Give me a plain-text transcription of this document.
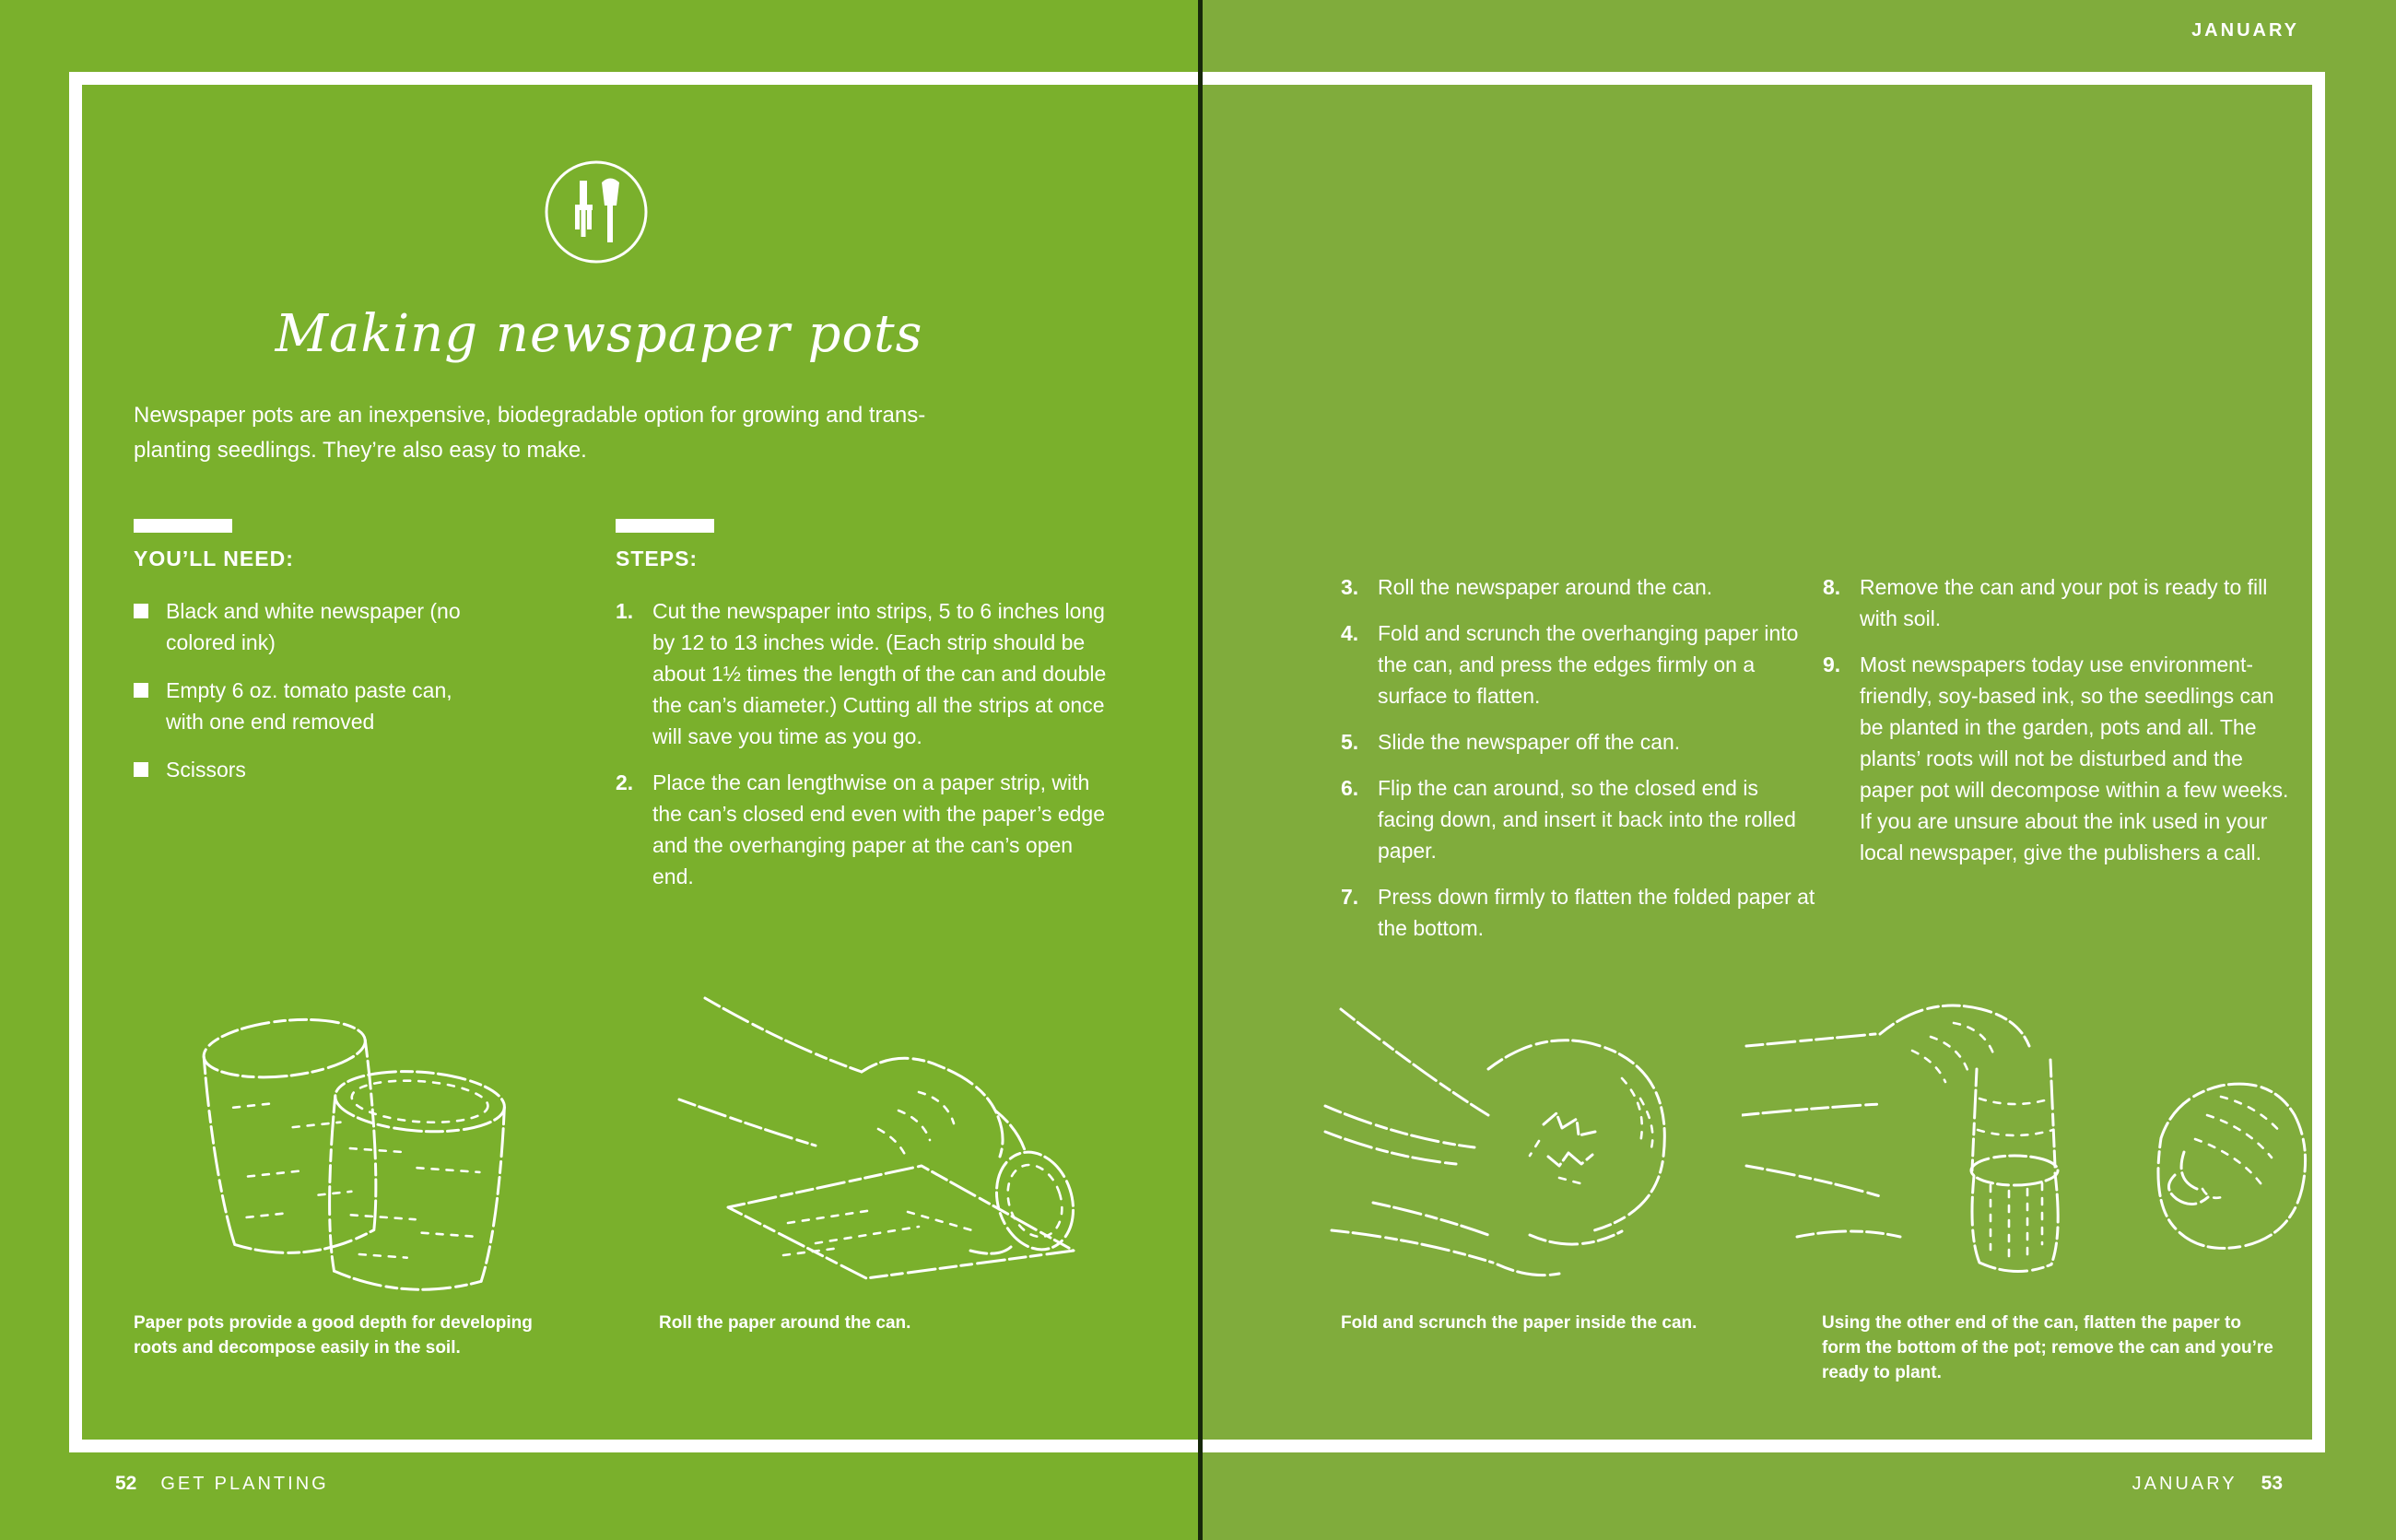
JANUARY
Making newspaper pots

Newspaper pots are an inexpensive, biodegradable option for growing and trans-
planting seedlings. They’re also easy to make.

YOU’LL NEED:
Black and white newspaper (no colored ink)
Empty 6 oz. tomato paste can, with one end removed
Scissors
STEPS:
1. Cut the newspaper into strips, 5 to 6 inches long by 12 to 13 inches wide. (Each strip should be about 1½ times the length of the can and double the can’s diameter.) Cutting all the strips at once will save you time as you go.
2. Place the can lengthwise on a paper strip, with the can’s closed end even with the paper’s edge and the overhanging paper at the can’s open end.
3. Roll the newspaper around the can.
4. Fold and scrunch the overhanging paper into the can, and press the edges firmly on a surface to flatten.
5. Slide the newspaper off the can.
6. Flip the can around, so the closed end is facing down, and insert it back into the rolled paper.
7. Press down firmly to flatten the folded paper at the bottom.
8. Remove the can and your pot is ready to fill with soil.
9. Most newspapers today use environment-friendly, soy-based ink, so the seedlings can be planted in the garden, pots and all. The plants’ roots will not be disturbed and the paper pot will decompose within a few weeks. If you are unsure about the ink used in your local newspaper, give the publishers a call.

Paper pots provide a good depth for developing roots and decompose easily in the soil.

Roll the paper around the can.	Fold and scrunch the paper inside the can.	Using the other end of the can, flatten the paper to form the bottom of the pot; remove the can and you’re ready to plant.

52 GET PLANTING	JANUARY 53
